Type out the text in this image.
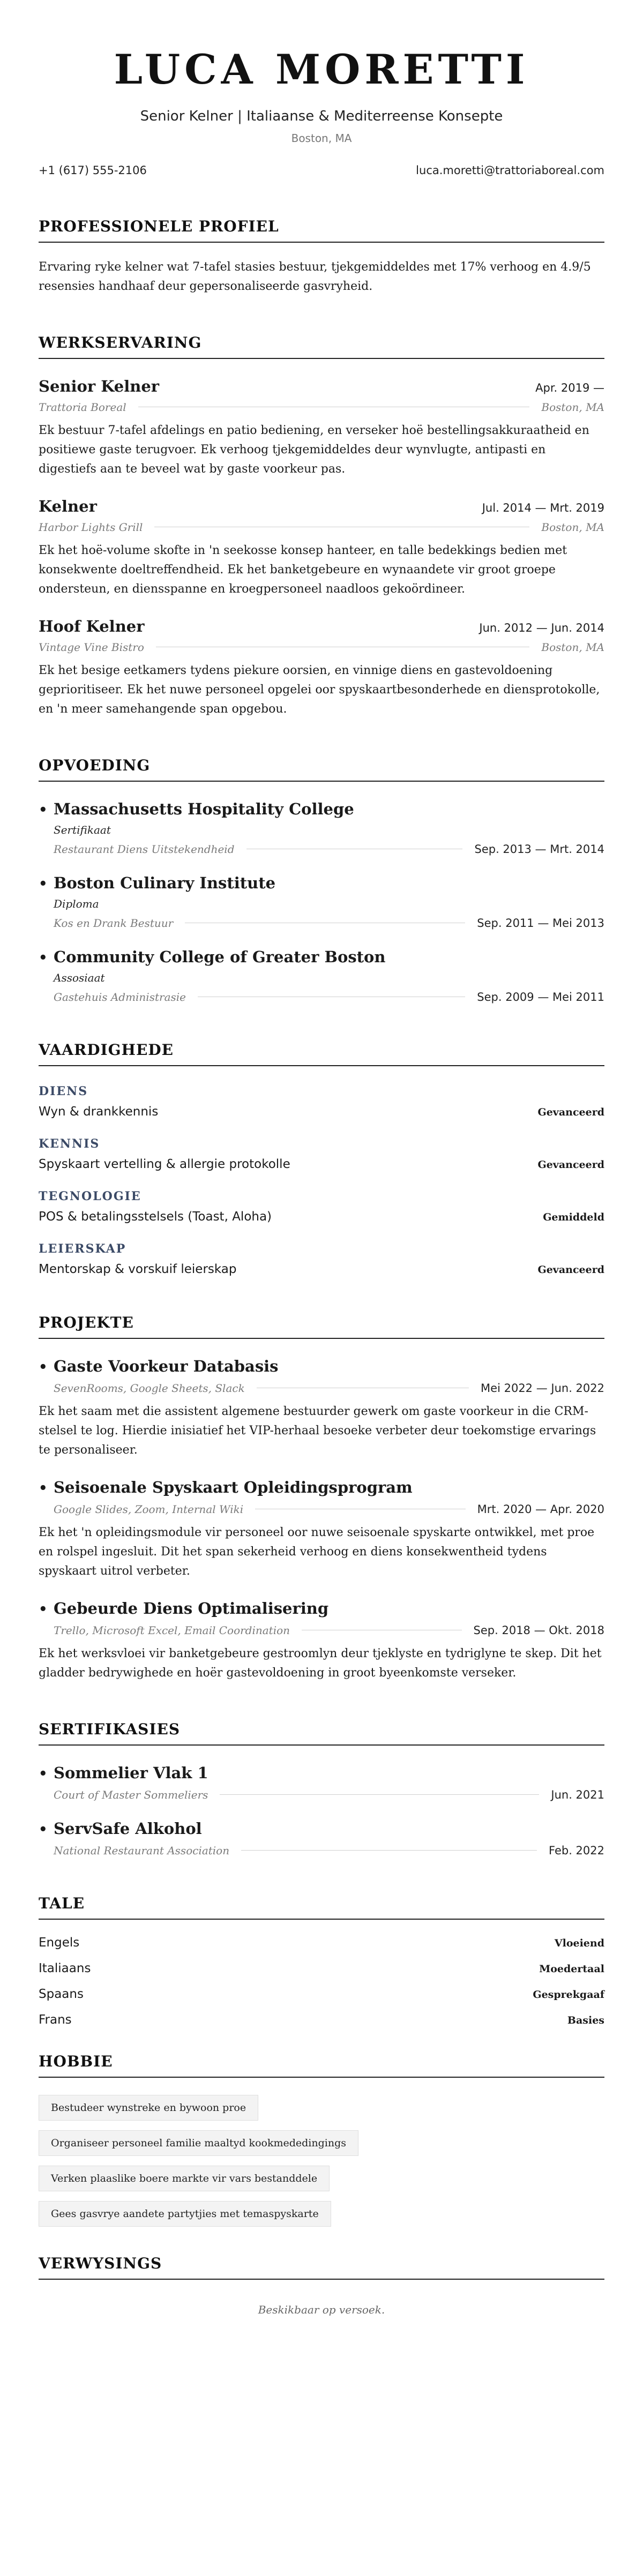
LUCA MORETTI
Senior Kelner | Italiaanse & Mediterreense Konsepte
Boston, MA
+1 (617) 555-2106	luca.moretti@trattoriaboreal.com
PROFESSIONELE PROFIEL
Ervaring ryke kelner wat 7-tafel stasies bestuur, tjekgemiddeldes met 17% verhoog en 4.9/5 resensies handhaaf deur gepersonaliseerde gasvryheid.
WERKSERVARING
Senior Kelner	Apr. 2019 —
Trattoria Boreal	Boston, MA
Ek bestuur 7-tafel afdelings en patio bediening, en verseker hoë bestellingsakkuraatheid en positiewe gaste terugvoer. Ek verhoog tjekgemiddeldes deur wynvlugte, antipasti en digestiefs aan te beveel wat by gaste voorkeur pas.
Kelner	Jul. 2014 — Mrt. 2019
Harbor Lights Grill	Boston, MA
Ek het hoë-volume skofte in 'n seekosse konsep hanteer, en talle bedekkings bedien met konsekwente doeltreffendheid. Ek het banketgebeure en wynaandete vir groot groepe ondersteun, en diensspanne en kroegpersoneel naadloos gekoördineer.
Hoof Kelner	Jun. 2012 — Jun. 2014
Vintage Vine Bistro	Boston, MA
Ek het besige eetkamers tydens piekure oorsien, en vinnige diens en gastevoldoening geprioritiseer. Ek het nuwe personeel opgelei oor spyskaartbesonderhede en diensprotokolle, en 'n meer samehangende span opgebou.
OPVOEDING
• Massachusetts Hospitality College
Sertifikaat
Restaurant Diens Uitstekendheid	Sep. 2013 — Mrt. 2014
• Boston Culinary Institute
Diploma
Kos en Drank Bestuur	Sep. 2011 — Mei 2013
• Community College of Greater Boston
Assosiaat
Gastehuis Administrasie	Sep. 2009 — Mei 2011
VAARDIGHEDE
DIENS
Wyn & drankkennis	Gevanceerd
KENNIS
Spyskaart vertelling & allergie protokolle	Gevanceerd
TEGNOLOGIE
POS & betalingsstelsels (Toast, Aloha)	Gemiddeld
LEIERSKAP
Mentorskap & vorskuif leierskap	Gevanceerd
PROJEKTE
• Gaste Voorkeur Databasis
SevenRooms, Google Sheets, Slack	Mei 2022 — Jun. 2022
Ek het saam met die assistent algemene bestuurder gewerk om gaste voorkeur in die CRM-stelsel te log. Hierdie inisiatief het VIP-herhaal besoeke verbeter deur toekomstige ervarings te personaliseer.
• Seisoenale Spyskaart Opleidingsprogram
Google Slides, Zoom, Internal Wiki	Mrt. 2020 — Apr. 2020
Ek het 'n opleidingsmodule vir personeel oor nuwe seisoenale spyskarte ontwikkel, met proe en rolspel ingesluit. Dit het span sekerheid verhoog en diens konsekwentheid tydens spyskaart uitrol verbeter.
• Gebeurde Diens Optimalisering
Trello, Microsoft Excel, Email Coordination	Sep. 2018 — Okt. 2018
Ek het werksvloei vir banketgebeure gestroomlyn deur tjeklyste en tydriglyne te skep. Dit het gladder bedrywighede en hoër gastevoldoening in groot byeenkomste verseker.
SERTIFIKASIES
• Sommelier Vlak 1
Court of Master Sommeliers	Jun. 2021
• ServSafe Alkohol
National Restaurant Association	Feb. 2022
TALE
Engels	Vloeiend
Italiaans	Moedertaal
Spaans	Gesprekgaaf
Frans	Basies
HOBBIE
Bestudeer wynstreke en bywoon proe
Organiseer personeel familie maaltyd kookmededingings
Verken plaaslike boere markte vir vars bestanddele
Gees gasvrye aandete partytjies met temaspyskarte
VERWYSINGS
Beskikbaar op versoek.
